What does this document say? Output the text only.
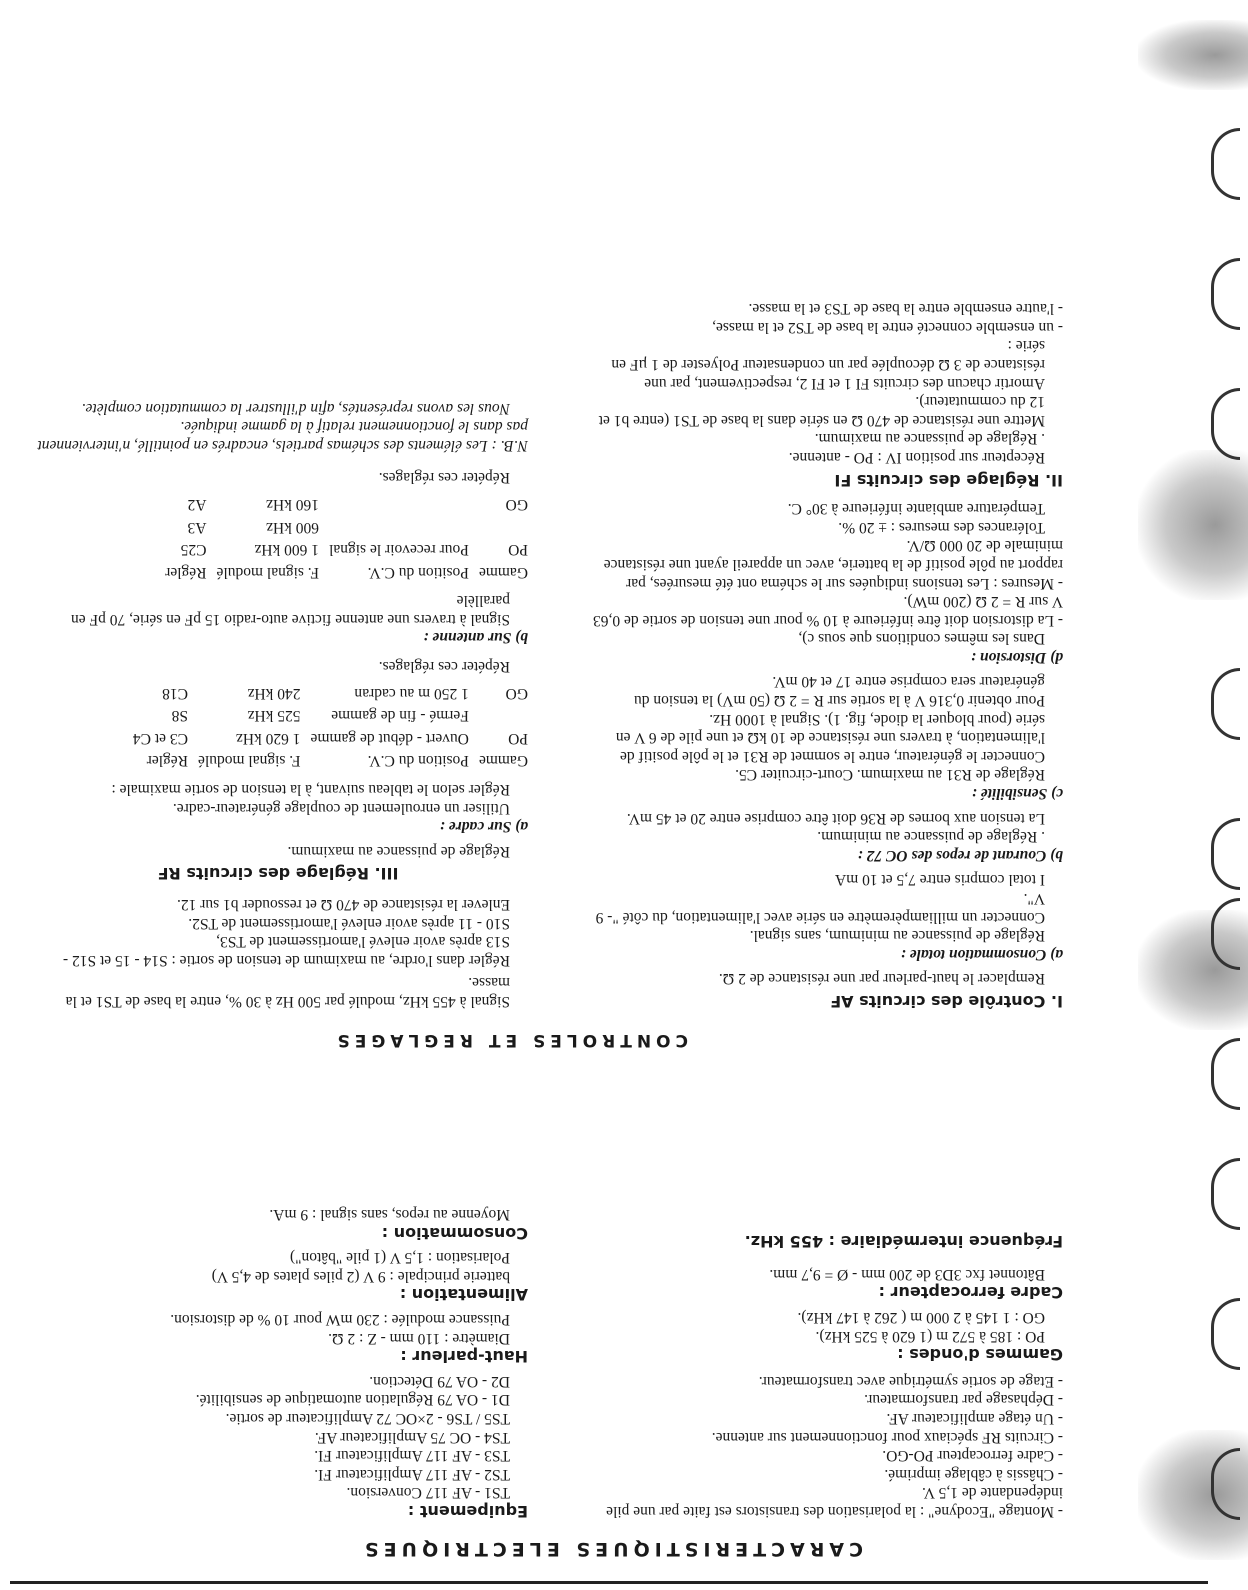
CARACTERISTIQUES ELECTRIQUES

- Montage "Ecodyne" : la polarisation des transistors est faite par une pile indépendante de 1,5 V.

- Châssis à câblage imprimé.

- Cadre ferrocapteur PO-GO.

- Circuits RF spéciaux pour fonctionnement sur antenne.

- Un étage amplificateur AF.

- Déphasage par transformateur.

- Etage de sortie symétrique avec transformateur.

Gammes d'ondes :

PO : 185 à 572 m (1 620 à 525 kHz).

GO : 1 145 à 2 000 m ( 262 à 147 kHz).

Cadre ferrocapteur :

Bâtonnet fxc 3D3 de 200 mm - Ø = 9,7 mm.

Fréquence intermédiaire : 455 kHz.

Equipement :

TS1 - AF 117 Conversion.

TS2 - AF 117 Amplificateur FI.

TS3 - AF 117 Amplificateur FI.

TS4 - OC 75 Amplificateur AF.

TS5 / TS6 - 2×OC 72 Amplificateur de sortie.

D1 - OA 79 Régulation automatique de sensibilité.

D2 - OA 79 Détection.

Haut-parleur :

Diamètre : 110 mm - Z : 2 Ω.

Puissance modulée : 230 mW pour 10 % de distorsion.

Alimentation :

batterie principale : 9 V (2 piles plates de 4,5 V)

Polarisation : 1,5 V (1 pile "bâton")

Consommation :

Moyenne au repos, sans signal : 9 mA.

CONTROLES ET REGLAGES

I. Contrôle des circuits AF

Remplacer le haut-parleur par une résistance de 2 Ω.

a) Consommation totale :

Réglage de puissance au minimum, sans signal.

Connecter un milliampèremètre en série avec l'alimentation, du côté "- 9 V".

I total compris entre 7,5 et 10 mA

b) Courant de repos des OC 72 :

. Réglage de puissance au minimum.

La tension aux bornes de R36 doit être comprise entre 20 et 45 mV.

c) Sensibilité :

Réglage de R31 au maximum. Court-circuiter C5.

Connecter le générateur, entre le sommet de R31 et le pôle positif de l'alimentation, à travers une résistance de 10 kΩ et une pile de 6 V en série (pour bloquer la diode, fig. 1). Signal à 1000 Hz.

Pour obtenir 0,316 V à la sortie sur R = 2 Ω (50 mV) la tension du générateur sera comprise entre 17 et 40 mV.

d) Distorsion :

Dans les mêmes conditions que sous c),

- La distorsion doit être inférieure à 10 % pour une tension de sortie de 0,63 V sur R = 2 Ω (200 mW).

- Mesures : Les tensions indiquées sur le schéma ont été mesurées, par rapport au pôle positif de la batterie, avec un appareil ayant une résistance minimale de 20 000 Ω/V.

Tolérances des mesures : ± 20 %.

Température ambiante inférieure à 30° C.

II. Réglage des circuits FI

Récepteur sur position IV : PO - antenne.

. Réglage de puissance au maximum.

Mettre une résistance de 470 Ω en série dans la base de TS1 (entre b1 et 12 du commutateur).

Amortir chacun des circuits FI 1 et FI 2, respectivement, par une résistance de 3 Ω découplée par un condensateur Polyester de 1 µF en série :

- un ensemble connecté entre la base de TS2 et la masse,

- l'autre ensemble entre la base de TS3 et la masse.

Signal à 455 kHz, modulé par 500 Hz à 30 %, entre la base de TS1 et la masse.

Régler dans l'ordre, au maximum de tension de sortie : S14 - 15 et S12 -

S13 après avoir enlevé l'amortissement de TS3,

S10 - 11 après avoir enlevé l'amortissement de TS2.

Enlever la résistance de 470 Ω et ressouder b1 sur 12.

III. Réglage des circuits RF

Réglage de puissance au maximum.

a) Sur cadre :

Utiliser un enroulement de couplage générateur-cadre.

Régler selon le tableau suivant, à la tension de sortie maximale :

Gamme	Position du C.V.	F. signal modulé	Régler
PO	Ouvert - début de gamme	1 620 kHz	C3 et C4
	Fermé - fin de gamme	525 kHz	S8
GO	1 250 m au cadran	240 kHz	C18

Répéter ces réglages.

b) Sur antenne :

Signal à travers une antenne fictive auto-radio 15 pF en série, 70 pF en parallèle

Gamme	Position du C.V.	F. signal modulé	Régler
PO	Pour recevoir le signal	1 600 kHz	C25
		600 kHz	A3
GO		160 kHz	A2

Répéter ces réglages.

N.B. : Les éléments des schémas partiels, encadrés en pointillé, n'interviennent pas dans le fonctionnement relatif à la gamme indiquée.

Nous les avons représentés, afin d'illustrer la commutation complète.
